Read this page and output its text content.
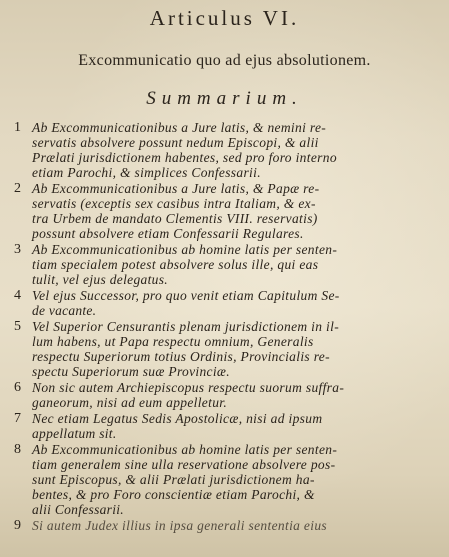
Articulus VI.
Excommunicatio quo ad ejus absolutionem.
Summarium.
1 Ab Excommunicationibus a Jure latis, & nemini re-
servatis absolvere possunt nedum Episcopi, & alii
Prælati jurisdictionem habentes, sed pro foro interno
etiam Parochi, & simplices Confessarii.
2 Ab Excommunicationibus a Jure latis, & Papæ re-
servatis (exceptis sex casibus intra Italiam, & ex-
tra Urbem de mandato Clementis VIII. reservatis)
possunt absolvere etiam Confessarii Regulares.
3 Ab Excommunicationibus ab homine latis per senten-
tiam specialem potest absolvere solus ille, qui eas
tulit, vel ejus delegatus.
4 Vel ejus Successor, pro quo venit etiam Capitulum Se-
de vacante.
5 Vel Superior Censurantis plenam jurisdictionem in il-
lum habens, ut Papa respectu omnium, Generalis
respectu Superiorum totius Ordinis, Provincialis re-
spectu Superiorum suæ Provinciæ.
6 Non sic autem Archiepiscopus respectu suorum suffra-
ganeorum, nisi ad eum appelletur.
7 Nec etiam Legatus Sedis Apostolicæ, nisi ad ipsum
appellatum sit.
8 Ab Excommunicationibus ab homine latis per senten-
tiam generalem sine ulla reservatione absolvere pos-
sunt Episcopus, & alii Prælati jurisdictionem ha-
bentes, & pro Foro conscientiæ etiam Parochi, &
alii Confessarii.
9 Si autem Judex illius in ipsa generali sententia eius
